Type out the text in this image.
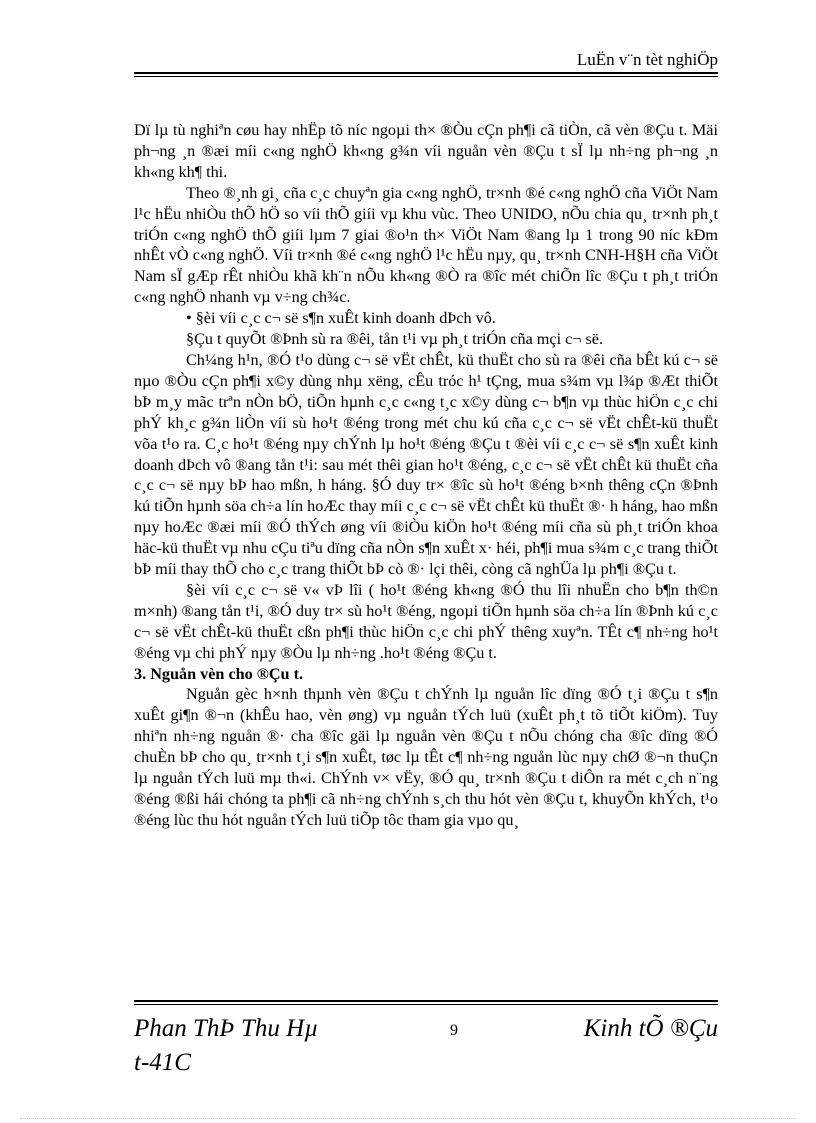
LuËn v¨n tèt nghiÖp

Dï lµ tù nghiªn cøu hay nhËp tõ níc ngoµi th× ®Òu cÇn ph¶i cã tiÒn, cã vèn ®Çu t. Mäi ph¬ng ¸n ®æi míi c«ng nghÖ kh«ng g¾n víi nguån vèn ®Çu t sÏ lµ nh÷ng ph¬ng ¸n kh«ng kh¶ thi.

Theo ®¸nh gi¸ cña c¸c chuyªn gia c«ng nghÖ, tr×nh ®é c«ng nghÖ cña ViÖt Nam l¹c hËu nhiÒu thÕ hÖ so víi thÕ giíi vµ khu vùc. Theo UNIDO, nÕu chia qu¸ tr×nh ph¸t triÓn c«ng nghÖ thÕ giíi lµm 7 giai ®o¹n th× ViÖt Nam ®ang lµ 1 trong 90 níc kÐm nhÊt vÒ c«ng nghÖ. Víi tr×nh ®é c«ng nghÖ l¹c hËu nµy, qu¸ tr×nh CNH-H§H cña ViÖt Nam sÏ gÆp rÊt nhiÒu khã kh¨n nÕu kh«ng ®Ò ra ®îc mét chiÕn lîc ®Çu t ph¸t triÓn c«ng nghÖ nhanh vµ v÷ng ch¾c.

• §èi víi c¸c c¬ së s¶n xuÊt kinh doanh dÞch vô.

§Çu t quyÕt ®Þnh sù ra ®êi, tån t¹i vµ ph¸t triÓn cña mçi c¬ së.

Ch¼ng h¹n, ®Ó t¹o dùng c¬ së vËt chÊt, kü thuËt cho sù ra ®êi cña bÊt kú c¬ së nµo ®Òu cÇn ph¶i x©y dùng nhµ xëng, cÊu tróc h¹ tÇng, mua s¾m vµ l¾p ®Æt thiÕt bÞ m¸y mãc trªn nÒn bÖ, tiÕn hµnh c¸c c«ng t¸c x©y dùng c¬ b¶n vµ thùc hiÖn c¸c chi phÝ kh¸c g¾n liÒn víi sù ho¹t ®éng trong mét chu kú cña c¸c c¬ së vËt chÊt-kü thuËt võa t¹o ra. C¸c ho¹t ®éng nµy chÝnh lµ ho¹t ®éng ®Çu t ®èi víi c¸c c¬ së s¶n xuÊt kinh doanh dÞch vô ®ang tån t¹i: sau mét thêi gian ho¹t ®éng, c¸c c¬ së vËt chÊt kü thuËt cña c¸c c¬ së nµy bÞ hao mßn, h háng. §Ó duy tr× ®îc sù ho¹t ®éng b×nh thêng cÇn ®Þnh kú tiÕn hµnh söa ch÷a lín hoÆc thay míi c¸c c¬ së vËt chÊt kü thuËt ®· h háng, hao mßn nµy hoÆc ®æi míi ®Ó thÝch øng víi ®iÒu kiÖn ho¹t ®éng míi cña sù ph¸t triÓn khoa häc-kü thuËt vµ nhu cÇu tiªu dïng cña nÒn s¶n xuÊt x· héi, ph¶i mua s¾m c¸c trang thiÕt bÞ míi thay thÕ cho c¸c trang thiÕt bÞ cò ®· lçi thêi, còng cã nghÜa lµ ph¶i ®Çu t.

§èi víi c¸c c¬ së v« vÞ lîi ( ho¹t ®éng kh«ng ®Ó thu lîi nhuËn cho b¶n th©n m×nh) ®ang tån t¹i, ®Ó duy tr× sù ho¹t ®éng, ngoµi tiÕn hµnh söa ch÷a lín ®Þnh kú c¸c c¬ së vËt chÊt-kü thuËt cßn ph¶i thùc hiÖn c¸c chi phÝ thêng xuyªn. TÊt c¶ nh÷ng ho¹t ®éng vµ chi phÝ nµy ®Òu lµ nh÷ng .ho¹t ®éng ®Çu t.

3. Nguån vèn cho ®Çu t.

Nguån gèc h×nh thµnh vèn ®Çu t chÝnh lµ nguån lîc dïng ®Ó t¸i ®Çu t s¶n xuÊt gi¶n ®¬n (khÊu hao, vèn øng) vµ nguån tÝch luü (xuÊt ph¸t tõ tiÕt kiÖm). Tuy nhiªn nh÷ng nguån ®· cha ®îc gäi lµ nguån vèn ®Çu t nÕu chóng cha ®îc dïng ®Ó chuÈn bÞ cho qu¸ tr×nh t¸i s¶n xuÊt, tøc lµ tÊt c¶ nh÷ng nguån lùc nµy chØ ®¬n thuÇn lµ nguån tÝch luü mµ th«i. ChÝnh v× vËy, ®Ó qu¸ tr×nh ®Çu t diÔn ra mét c¸ch n¨ng ®éng ®ßi hái chóng ta ph¶i cã nh÷ng chÝnh s¸ch thu hót vèn ®Çu t, khuyÕn khÝch, t¹o ®éng lùc thu hót nguån tÝch luü tiÕp tôc tham gia vµo qu¸

Phan ThÞ Thu Hµ
t-41C
9	Kinh tÕ ®Çu
